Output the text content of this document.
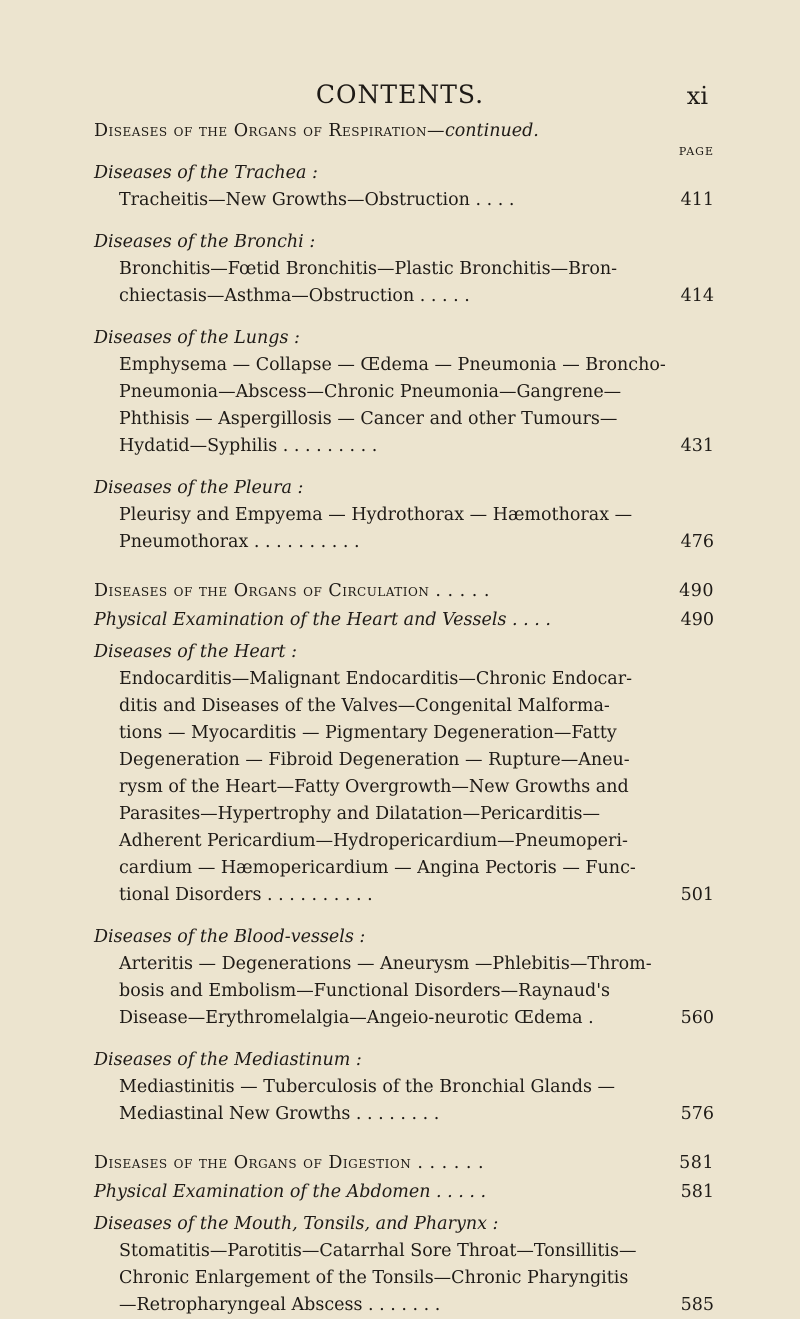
CONTENTS.	xi
Diseases of the Organs of Respiration—continued.
PAGE
Diseases of the Trachea :
Tracheitis—New Growths—Obstruction . . . .	411
Diseases of the Bronchi :
Bronchitis—Fœtid Bronchitis—Plastic Bronchitis—Bron-
chiectasis—Asthma—Obstruction . . . . .	414
Diseases of the Lungs :
Emphysema — Collapse — Œdema — Pneumonia — Broncho-
Pneumonia—Abscess—Chronic Pneumonia—Gangrene—
Phthisis — Aspergillosis — Cancer and other Tumours—
Hydatid—Syphilis . . . . . . . . .	431
Diseases of the Pleura :
Pleurisy and Empyema — Hydrothorax — Hæmothorax —
Pneumothorax . . . . . . . . . .	476
Diseases of the Organs of Circulation . . . . .	490
Physical Examination of the Heart and Vessels . . . .	490
Diseases of the Heart :
Endocarditis—Malignant Endocarditis—Chronic Endocar-
ditis and Diseases of the Valves—Congenital Malforma-
tions — Myocarditis — Pigmentary Degeneration—Fatty
Degeneration — Fibroid Degeneration — Rupture—Aneu-
rysm of the Heart—Fatty Overgrowth—New Growths and
Parasites—Hypertrophy and Dilatation—Pericarditis—
Adherent Pericardium—Hydropericardium—Pneumoperi-
cardium — Hæmopericardium — Angina Pectoris — Func-
tional Disorders . . . . . . . . . .	501
Diseases of the Blood-vessels :
Arteritis — Degenerations — Aneurysm —Phlebitis—Throm-
bosis and Embolism—Functional Disorders—Raynaud's
Disease—Erythromelalgia—Angeio-neurotic Œdema .	560
Diseases of the Mediastinum :
Mediastinitis — Tuberculosis of the Bronchial Glands —
Mediastinal New Growths . . . . . . . .	576
Diseases of the Organs of Digestion . . . . . .	581
Physical Examination of the Abdomen . . . . .	581
Diseases of the Mouth, Tonsils, and Pharynx :
Stomatitis—Parotitis—Catarrhal Sore Throat—Tonsillitis—
Chronic Enlargement of the Tonsils—Chronic Pharyngitis
—Retropharyngeal Abscess . . . . . . .	585
